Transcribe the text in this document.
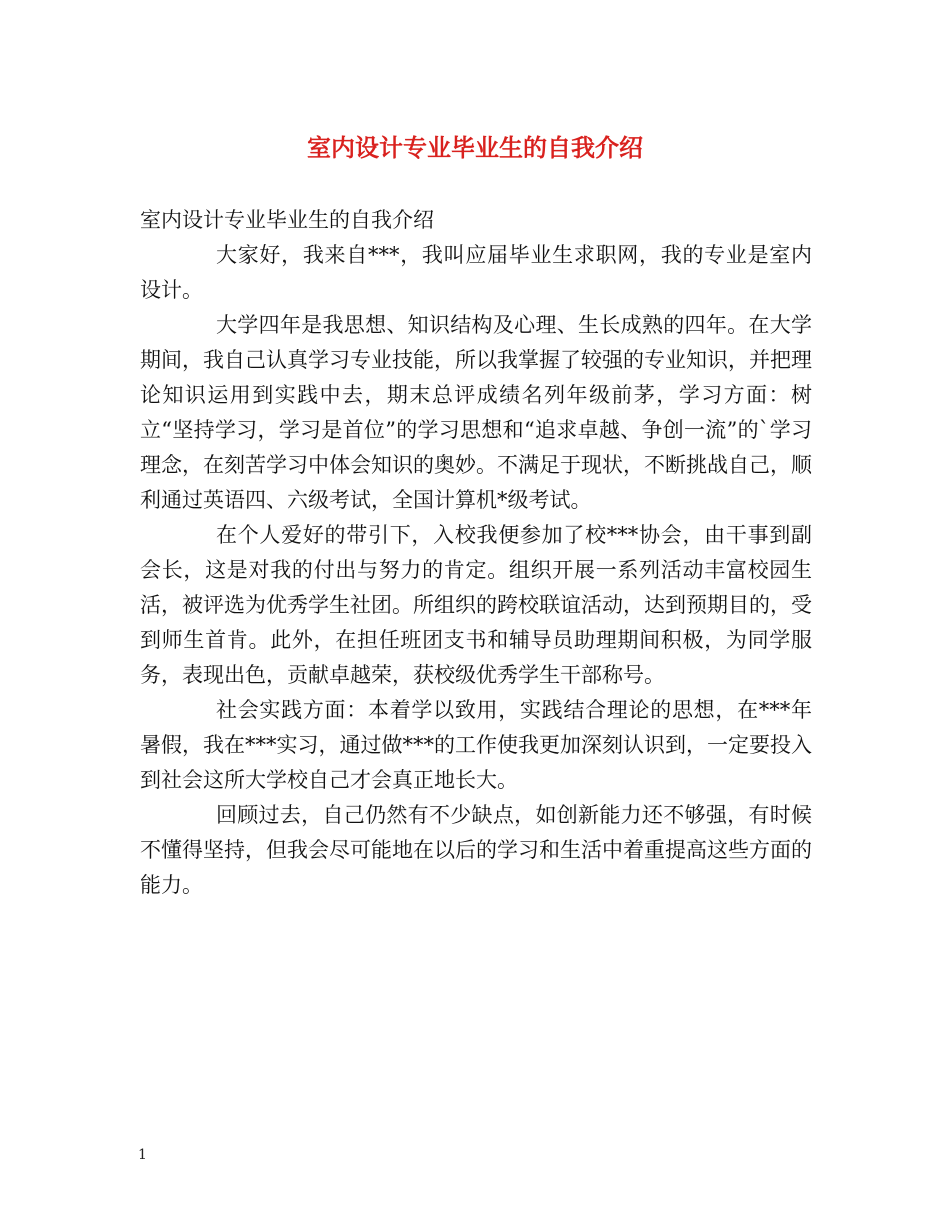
室内设计专业毕业生的自我介绍

室内设计专业毕业生的自我介绍

大家好，我来自***，我叫应届毕业生求职网，我的专业是室内设计。

大学四年是我思想、知识结构及心理、生长成熟的四年。在大学期间，我自己认真学习专业技能，所以我掌握了较强的专业知识，并把理论知识运用到实践中去，期末总评成绩名列年级前茅，学习方面：树立“坚持学习，学习是首位”的学习思想和“追求卓越、争创一流”的`学习理念，在刻苦学习中体会知识的奥妙。不满足于现状，不断挑战自己，顺利通过英语四、六级考试，全国计算机*级考试。

在个人爱好的带引下，入校我便参加了校***协会，由干事到副会长，这是对我的付出与努力的肯定。组织开展一系列活动丰富校园生活，被评选为优秀学生社团。所组织的跨校联谊活动，达到预期目的，受到师生首肯。此外，在担任班团支书和辅导员助理期间积极，为同学服务，表现出色，贡献卓越荣，获校级优秀学生干部称号。

社会实践方面：本着学以致用，实践结合理论的思想，在***年暑假，我在***实习，通过做***的工作使我更加深刻认识到，一定要投入到社会这所大学校自己才会真正地长大。

回顾过去，自己仍然有不少缺点，如创新能力还不够强，有时候不懂得坚持，但我会尽可能地在以后的学习和生活中着重提高这些方面的能力。

1
